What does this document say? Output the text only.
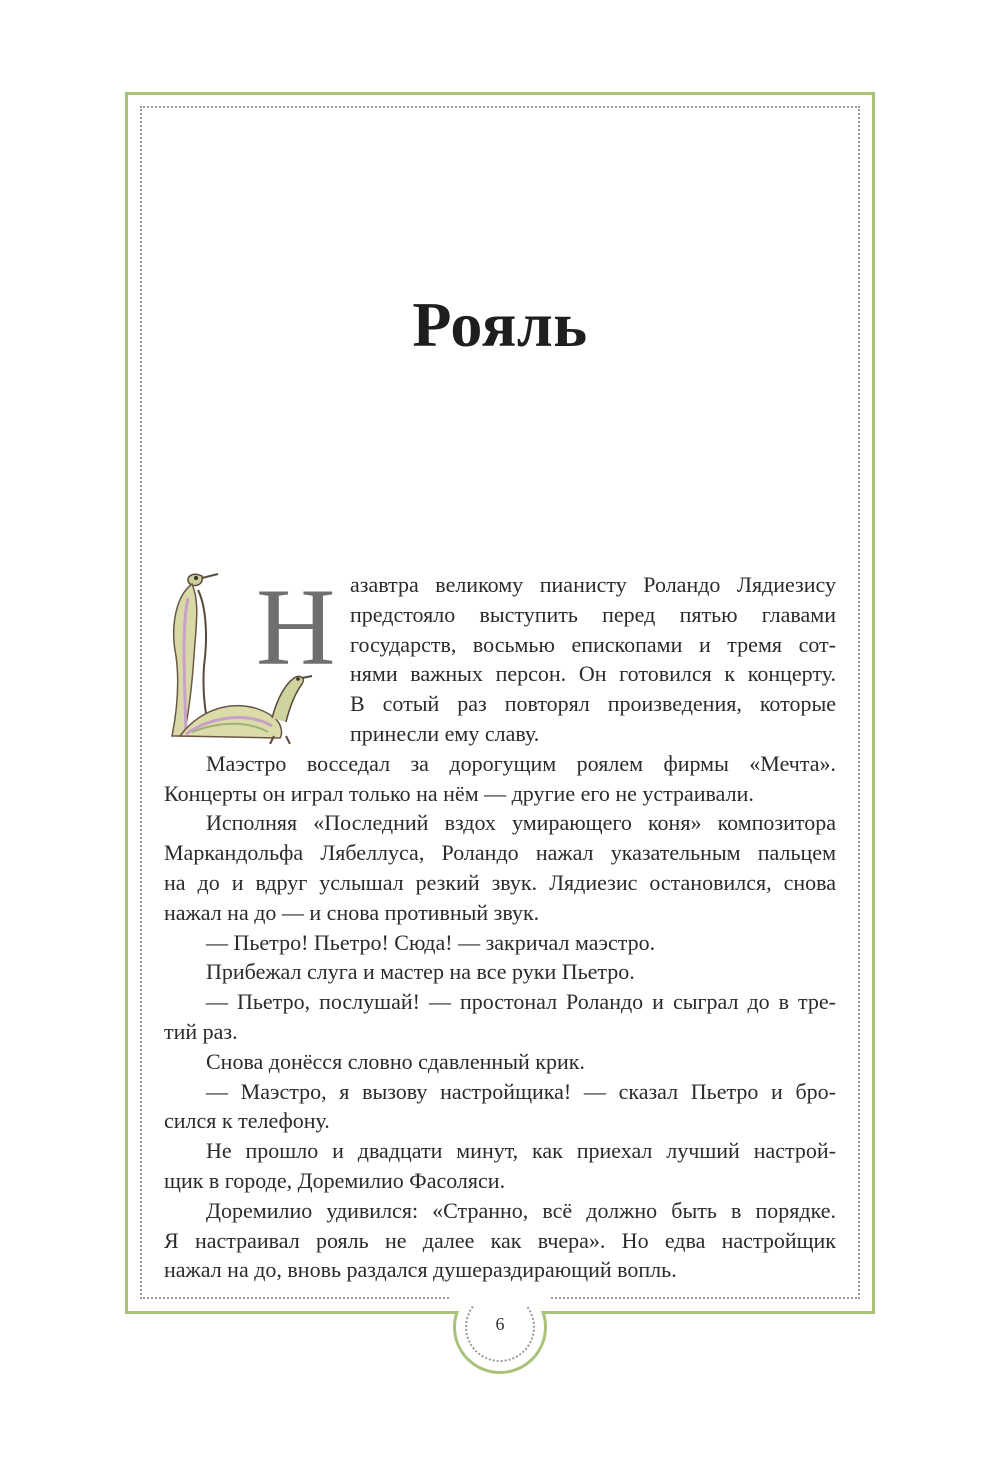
6
Рояль
Н азавтра великому пианисту Роландо Лядиезису
предстояло выступить перед пятью главами
государств, восьмью епископами и тремя сот-
нями важных персон. Он готовился к концерту.
В сотый раз повторял произведения, которые
принесли ему славу.
Маэстро восседал за дорогущим роялем фирмы «Мечта».
Концерты он играл только на нём — другие его не устраивали.
Исполняя «Последний вздох умирающего коня» композитора
Маркандольфа Лябеллуса, Роландо нажал указательным пальцем
на до и вдруг услышал резкий звук. Лядиезис остановился, снова
нажал на до — и снова противный звук.
— Пьетро! Пьетро! Сюда! — закричал маэстро.
Прибежал слуга и мастер на все руки Пьетро.
— Пьетро, послушай! — простонал Роландо и сыграл до в тре-
тий раз.
Снова донёсся словно сдавленный крик.
— Маэстро, я вызову настройщика! — сказал Пьетро и бро-
сился к телефону.
Не прошло и двадцати минут, как приехал лучший настрой-
щик в городе, Доремилио Фасоляси.
Доремилио удивился: «Странно, всё должно быть в порядке.
Я настраивал рояль не далее как вчера». Но едва настройщик
нажал на до, вновь раздался душераздирающий вопль.
